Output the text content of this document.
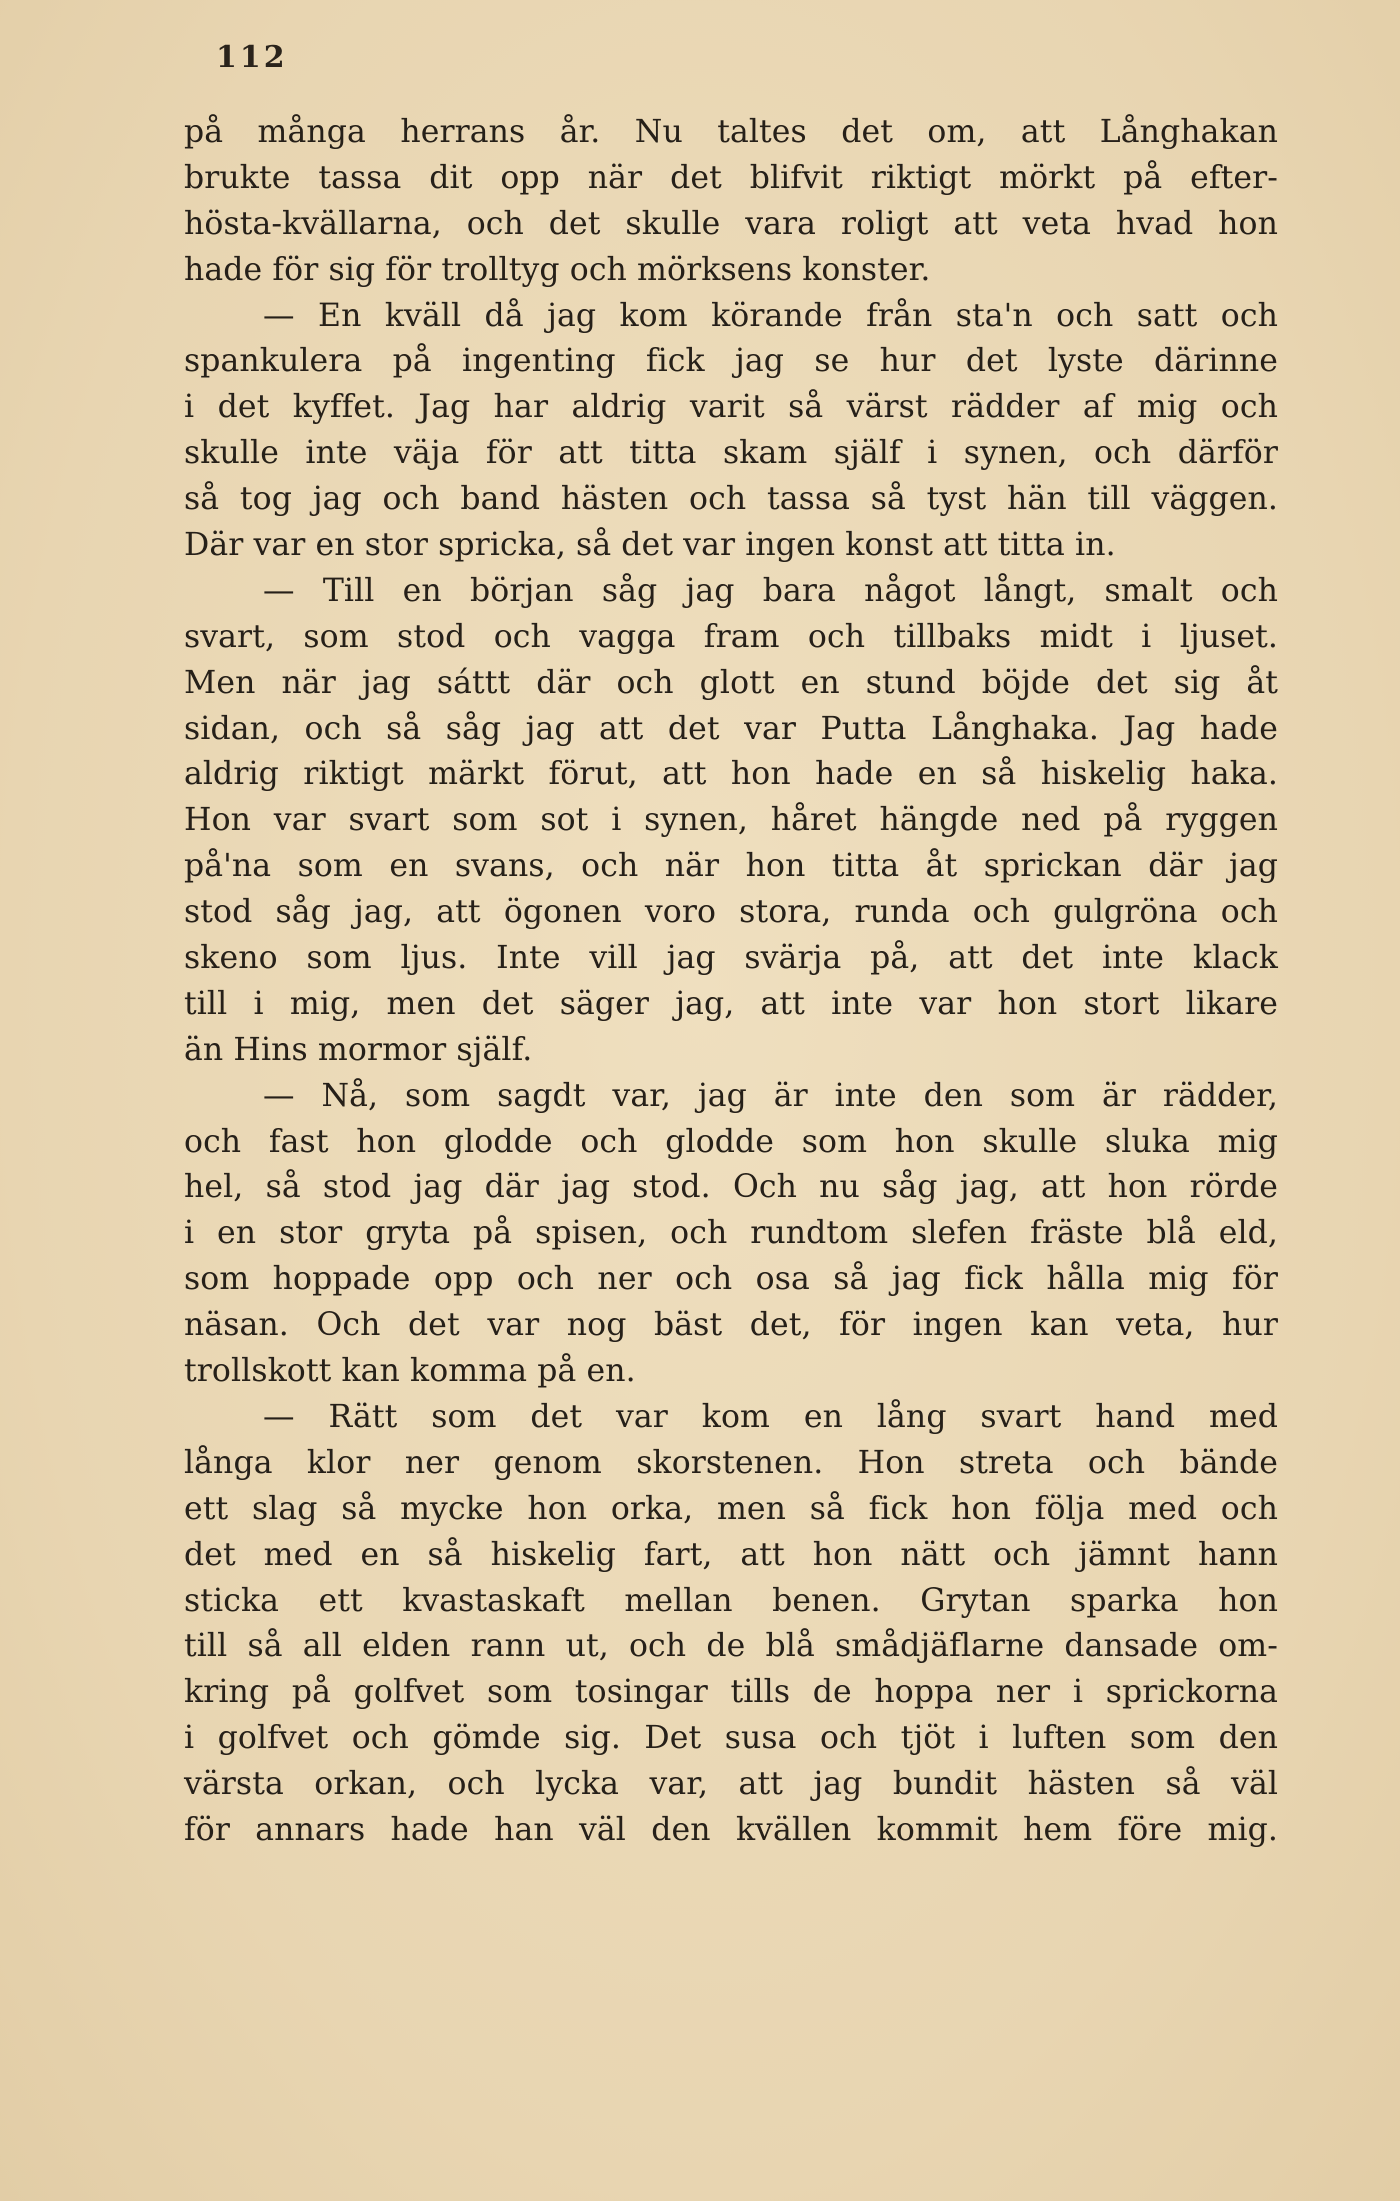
112
på många herrans år. Nu taltes det om, att Långhakan
brukte tassa dit opp när det blifvit riktigt mörkt på efter-
hösta-kvällarna, och det skulle vara roligt att veta hvad hon
hade för sig för trolltyg och mörksens konster.
— En kväll då jag kom körande från sta'n och satt och
spankulera på ingenting fick jag se hur det lyste därinne
i det kyffet. Jag har aldrig varit så värst rädder af mig och
skulle inte väja för att titta skam själf i synen, och därför
så tog jag och band hästen och tassa så tyst hän till väggen.
Där var en stor spricka, så det var ingen konst att titta in.
— Till en början såg jag bara något långt, smalt och
svart, som stod och vagga fram och tillbaks midt i ljuset.
Men när jag sáttt där och glott en stund böjde det sig åt
sidan, och så såg jag att det var Putta Långhaka. Jag hade
aldrig riktigt märkt förut, att hon hade en så hiskelig haka.
Hon var svart som sot i synen, håret hängde ned på ryggen
på'na som en svans, och när hon titta åt sprickan där jag
stod såg jag, att ögonen voro stora, runda och gulgröna och
skeno som ljus. Inte vill jag svärja på, att det inte klack
till i mig, men det säger jag, att inte var hon stort likare
än Hins mormor själf.
— Nå, som sagdt var, jag är inte den som är rädder,
och fast hon glodde och glodde som hon skulle sluka mig
hel, så stod jag där jag stod. Och nu såg jag, att hon rörde
i en stor gryta på spisen, och rundtom slefen fräste blå eld,
som hoppade opp och ner och osa så jag fick hålla mig för
näsan. Och det var nog bäst det, för ingen kan veta, hur
trollskott kan komma på en.
— Rätt som det var kom en lång svart hand med
långa klor ner genom skorstenen. Hon streta och bände
ett slag så mycke hon orka, men så fick hon följa med och
det med en så hiskelig fart, att hon nätt och jämnt hann
sticka ett kvastaskaft mellan benen. Grytan sparka hon
till så all elden rann ut, och de blå smådjäflarne dansade om-
kring på golfvet som tosingar tills de hoppa ner i sprickorna
i golfvet och gömde sig. Det susa och tjöt i luften som den
värsta orkan, och lycka var, att jag bundit hästen så väl
för annars hade han väl den kvällen kommit hem före mig.
